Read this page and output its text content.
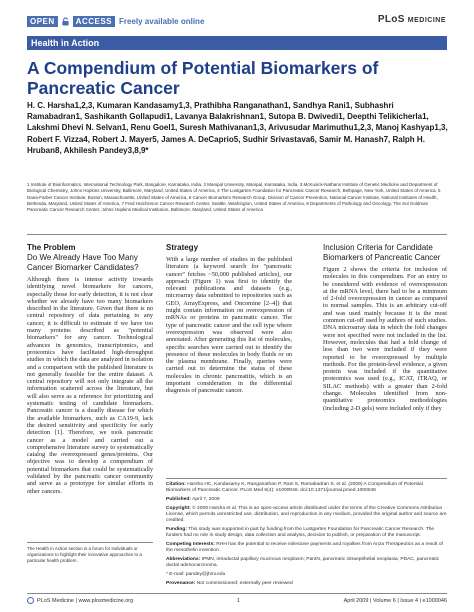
OPEN	ACCESS Freely available online	PLoS MEDICINE
Health in Action
A Compendium of Potential Biomarkers of Pancreatic Cancer
H. C. Harsha1,2,3, Kumaran Kandasamy1,3, Prathibha Ranganathan1, Sandhya Rani1, Subhashri Ramabadran1, Sashikanth Gollapudi1, Lavanya Balakrishnan1, Sutopa B. Dwivedi1, Deepthi Telikicherla1, Lakshmi Dhevi N. Selvan1, Renu Goel1, Suresh Mathivanan1,3, Arivusudar Marimuthu1,2,3, Manoj Kashyap1,3, Robert F. Vizza4, Robert J. Mayer5, James A. DeCaprio5, Sudhir Srivastava6, Samir M. Hanash7, Ralph H. Hruban8, Akhilesh Pandey3,8,9*
1 Institute of Bioinformatics, International Technology Park, Bangalore, Karnataka, India, 2 Manipal University, Manipal, Karnataka, India, 3 McKusick-Nathans Institute of Genetic Medicine and Department of Biological Chemistry, Johns Hopkins University, Baltimore, Maryland, United States of America, 4 The Lustgarten Foundation for Pancreatic Cancer Research, Bethpage, New York, United States of America, 5 Dana-Farber Cancer Institute, Boston, Massachusetts, United States of America, 6 Cancer Biomarkers Research Group, Division of Cancer Prevention, National Cancer Institute, National Institutes of Health, Bethesda, Maryland, United States of America, 7 Fred Hutchinson Cancer Research Center, Seattle, Washington, United States of America, 8 Departments of Pathology and Oncology, The Sol Goldman Pancreatic Cancer Research Center, Johns Hopkins Medical Institution, Baltimore, Maryland, United States of America
The Problem
Do We Already Have Too Many Cancer Biomarker Candidates?
Although there is intense activity towards identifying novel biomarkers for cancers, especially those for early detection, it is not clear whether we already have too many biomarkers described in the literature. Given that there is no central repository of data pertaining to any cancer, it is difficult to estimate if we have too many proteins described as "potential biomarkers" for any cancer. Technological advances in genomics, transcriptomics, and proteomics have facilitated high-throughput studies in which the data are analyzed in isolation and a comparison with the published literature is not generally feasible for the entire dataset. A central repository will not only integrate all the information scattered across the literature, but will also serve as a reference for prioritizing and systematic testing of candidate biomarkers. Pancreatic cancer is a deadly disease for which the available biomarkers, such as CA19-9, lack the desired sensitivity and specificity for early detection [1]. Therefore, we took pancreatic cancer as a model and carried out a comprehensive literature survey to systematically catalog the overexpressed genes/proteins. Our objective was to develop a compendium of potential biomarkers that could be systematically validated by the pancreatic cancer community and serve as a prototype for similar efforts in other cancers.
The Health in Action section is a forum for individuals or organizations to highlight their innovative approaches to a particular health problem.
Strategy
With a large number of studies in the published literature (a keyword search for "pancreatic cancer" fetches ~50,000 published articles), our approach (Figure 1) was first to identify the relevant publications and datasets (e.g., microarray data submitted to repositories such as GEO, ArrayExpress, and Oncomine [2–4]) that might contain information on overexpression of mRNAs or proteins in pancreatic cancer. The type of pancreatic cancer and the cell type where overexpression was observed were also annotated. After generating this list of molecules, specific searches were carried out to identify the presence of these molecules in body fluids or on the plasma membrane. Finally, queries were carried out to determine the status of these molecules in chronic pancreatitis, which is an important consideration in the differential diagnosis of pancreatic cancer.
Inclusion Criteria for Candidate Biomarkers of Pancreatic Cancer
Figure 2 shows the criteria for inclusion of molecules in this compendium. For an entry to be considered with evidence of overexpression at the mRNA level, there had to be a minimum of 2-fold overexpression in cancer as compared to normal samples. This is an arbitrary cut-off and was used mainly because it is the most common cut-off used by authors of such studies. DNA microarray data in which the fold changes were not specified were not included in the list. However, molecules that had a fold change of less than two were included if they were reported to be overexpressed by multiple methods. For the protein-level evidence, a given protein was included if the quantitative proteomics was used (e.g., ICAT, iTRAQ, or SILAC methods) with a greater than 2-fold change. Molecules identified from non-quantitative proteomics methodologies (including 2-D gels) were included only if they

Citation: Harsha HC, Kandasamy K, Ranganathan P, Rani S, Ramabadran S, et al. (2009) A Compendium of Potential Biomarkers of Pancreatic Cancer. PLoS Med 6(4): e1000046. doi:10.1371/journal.pmed.1000046

Published: April 7, 2009

Copyright: © 2009 Harsha et al. This is an open-access article distributed under the terms of the Creative Commons Attribution License, which permits unrestricted use, distribution, and reproduction in any medium, provided the original author and source are credited.

Funding: This study was supported in part by funding from the Lustgarten Foundation for Pancreatic Cancer Research. The funders had no role in study design, data collection and analysis, decision to publish, or preparation of the manuscript.

Competing Interests: RHH has the potential to receive milestone payments and royalties from Anza Therapeutics as a result of the mesothelin invention.

Abbreviations: IPMN, intraductal papillary mucinous neoplasm; PanIN, pancreatic intraepithelial neoplasia; PDAC, pancreatic ductal adenocarcinoma.

* E-mail: pandey@jhmi.edu

Provenance: Not commissioned; externally peer reviewed

PLoS Medicine | www.plosmedicine.org	1	April 2009 | Volume 6 | Issue 4 | e1000046
